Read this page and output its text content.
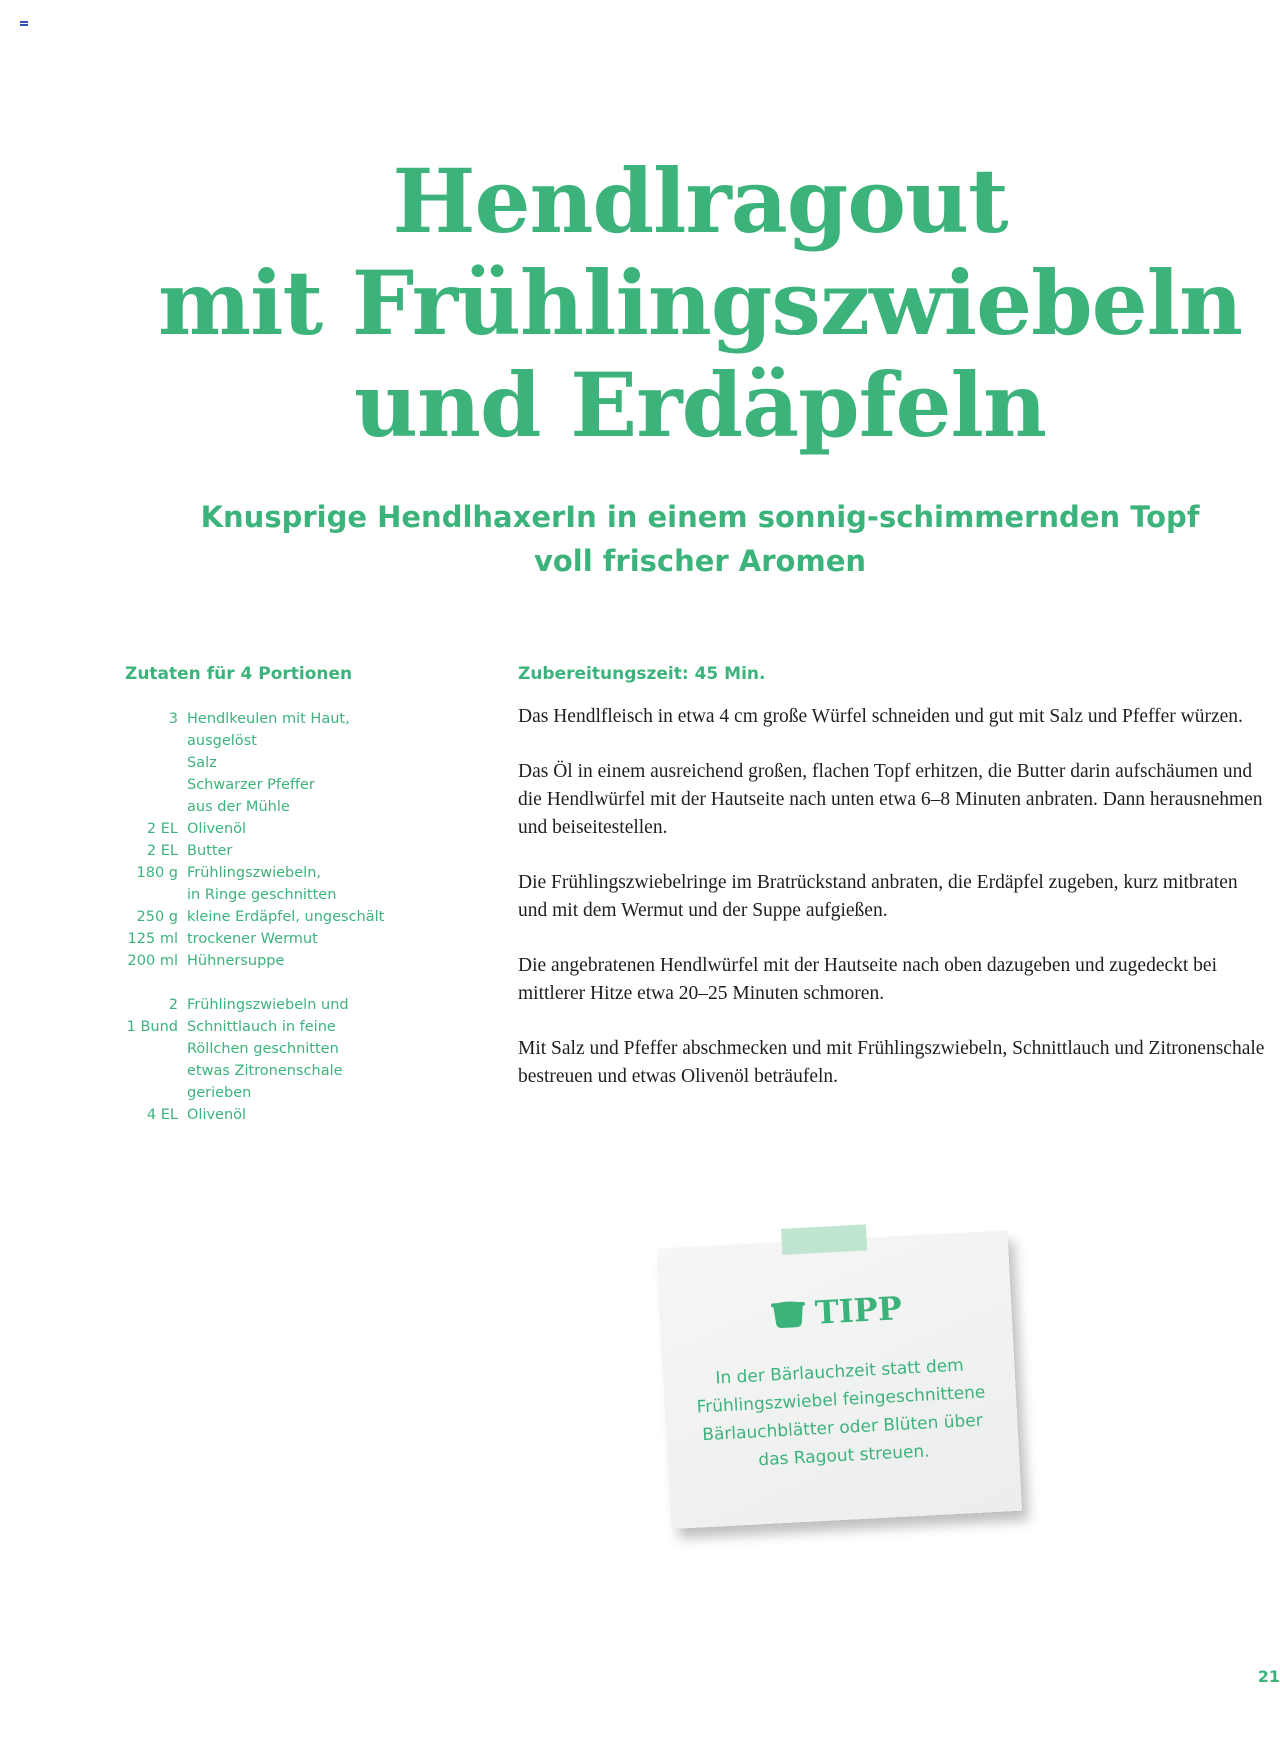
Hendlragout
mit Frühlingszwiebeln
und Erdäpfeln
Knusprige HendlhaxerIn in einem sonnig-schimmernden Topf
voll frischer Aromen
Zutaten für 4 Portionen
3 Hendlkeulen mit Haut,
ausgelöst
Salz
Schwarzer Pfeffer
aus der Mühle
2 EL Olivenöl
2 EL Butter
180 g Frühlingszwiebeln,
in Ringe geschnitten
250 g kleine Erdäpfel, ungeschält
125 ml trockener Wermut
200 ml Hühnersuppe
2 Frühlingszwiebeln und
1 Bund Schnittlauch in feine
Röllchen geschnitten
etwas Zitronenschale
gerieben
4 EL Olivenöl
Zubereitungszeit: 45 Min.

Das Hendlfleisch in etwa 4 cm große Würfel schneiden und gut mit Salz und Pfeffer würzen.

Das Öl in einem ausreichend großen, flachen Topf erhitzen, die Butter darin aufschäumen und die Hendlwürfel mit der Hautseite nach unten etwa 6–8 Minuten anbraten. Dann herausnehmen und beiseitestellen.

Die Frühlingszwiebelringe im Bratrückstand anbraten, die Erdäpfel zugeben, kurz mitbraten und mit dem Wermut und der Suppe aufgießen.

Die angebratenen Hendlwürfel mit der Hautseite nach oben dazugeben und zugedeckt bei mittlerer Hitze etwa 20–25 Minuten schmoren.

Mit Salz und Pfeffer abschmecken und mit Frühlingszwiebeln, Schnittlauch und Zitronenschale bestreuen und etwas Olivenöl beträufeln.

TIPP
In der Bärlauchzeit statt dem Frühlingszwiebel feingeschnittene Bärlauchblätter oder Blüten über das Ragout streuen.
21
